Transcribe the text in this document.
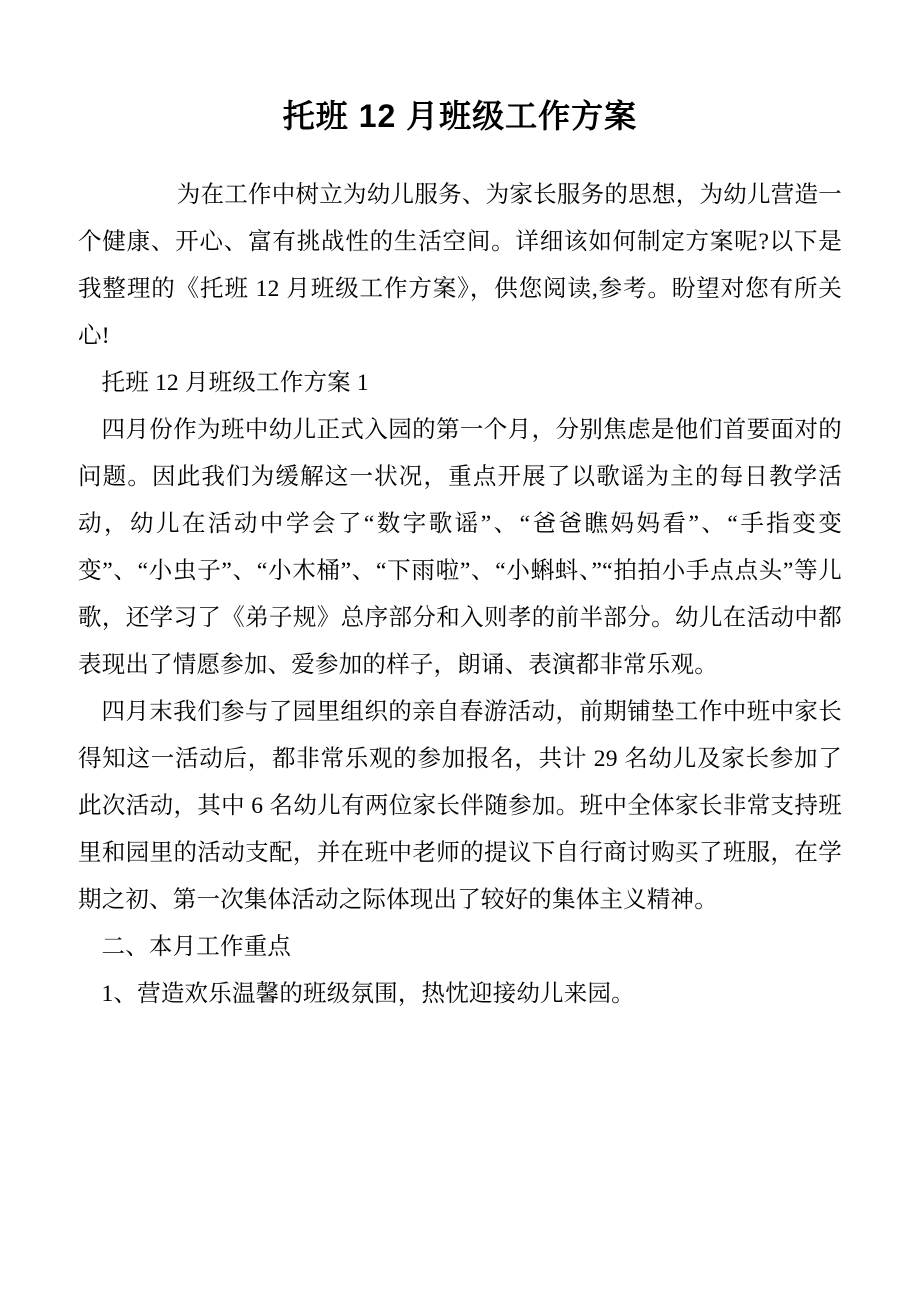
托班 12 月班级工作方案

为在工作中树立为幼儿服务、为家长服务的思想，为幼儿营造一个健康、开心、富有挑战性的生活空间。详细该如何制定方案呢?以下是我整理的《托班 12 月班级工作方案》，供您阅读,参考。盼望对您有所关心!

托班 12 月班级工作方案 1

四月份作为班中幼儿正式入园的第一个月，分别焦虑是他们首要面对的问题。因此我们为缓解这一状况，重点开展了以歌谣为主的每日教学活动，幼儿在活动中学会了“数字歌谣”、“爸爸瞧妈妈看”、“手指变变变”、“小虫子”、“小木桶”、“下雨啦”、“小蝌蚪、”“拍拍小手点点头”等儿歌，还学习了《弟子规》总序部分和入则孝的前半部分。幼儿在活动中都表现出了情愿参加、爱参加的样子，朗诵、表演都非常乐观。

四月末我们参与了园里组织的亲自春游活动，前期铺垫工作中班中家长得知这一活动后，都非常乐观的参加报名，共计 29 名幼儿及家长参加了此次活动，其中 6 名幼儿有两位家长伴随参加。班中全体家长非常支持班里和园里的活动支配，并在班中老师的提议下自行商讨购买了班服，在学期之初、第一次集体活动之际体现出了较好的集体主义精神。

二、本月工作重点

1、营造欢乐温馨的班级氛围，热忱迎接幼儿来园。
